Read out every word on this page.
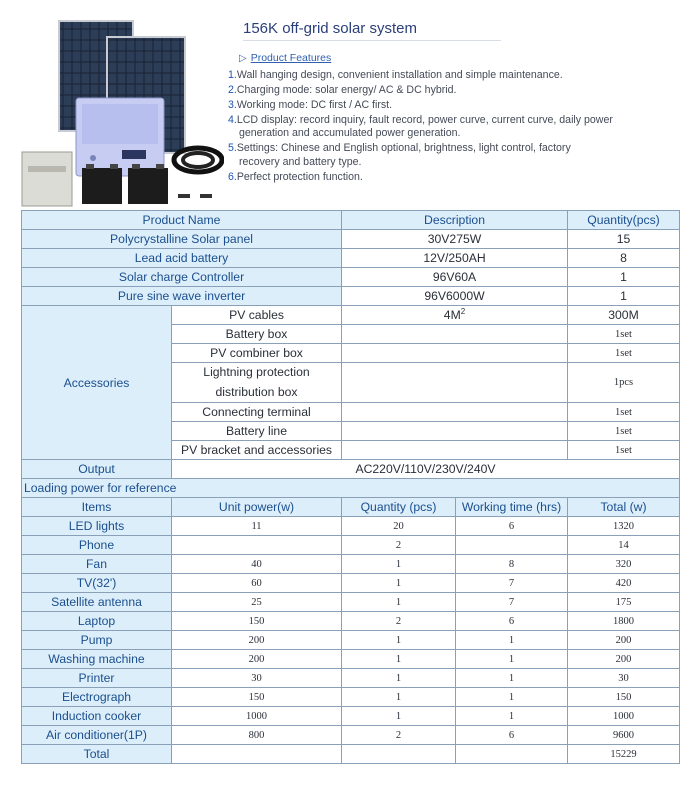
156K off-grid solar system
▷ Product Features
1.Wall hanging design, convenient installation and simple maintenance.
2.Charging mode: solar energy/ AC & DC hybrid.
3.Working mode: DC first / AC first.
4.LCD display: record inquiry, fault record, power curve, current curve, daily power
generation and accumulated power generation.
5.Settings: Chinese and English optional, brightness, light control, factory
recovery and battery type.
6.Perfect protection function.
Product Name		Description		Quantity(pcs)
Polycrystalline Solar panel		30V275W		15
Lead acid battery		12V/250AH		8
Solar charge Controller		96V60A		1
Pure sine wave inverter		96V6000W		1
Accessories	PV cables	$4M^2$		300M
	Battery box			1set
	PV combiner box			1set
	Lightning protection distribution box			1pcs
	Connecting terminal			1set
	Battery line			1set
	PV bracket and accessories			1set
Output	AC220V/110V/230V/240V			
Loading power for reference				
Items	Unit power(w)	Quantity (pcs)	Working time (hrs)	Total (w)
LED lights	11	20	6	1320
Phone		2		14
Fan	40	1	8	320
TV(32')	60	1	7	420
Satellite antenna	25	1	7	175
Laptop	150	2	6	1800
Pump	200	1	1	200
Washing machine	200	1	1	200
Printer	30	1	1	30
Electrograph	150	1	1	150
Induction cooker	1000	1	1	1000
Air conditioner(1P)	800	2	6	9600
Total				15229
